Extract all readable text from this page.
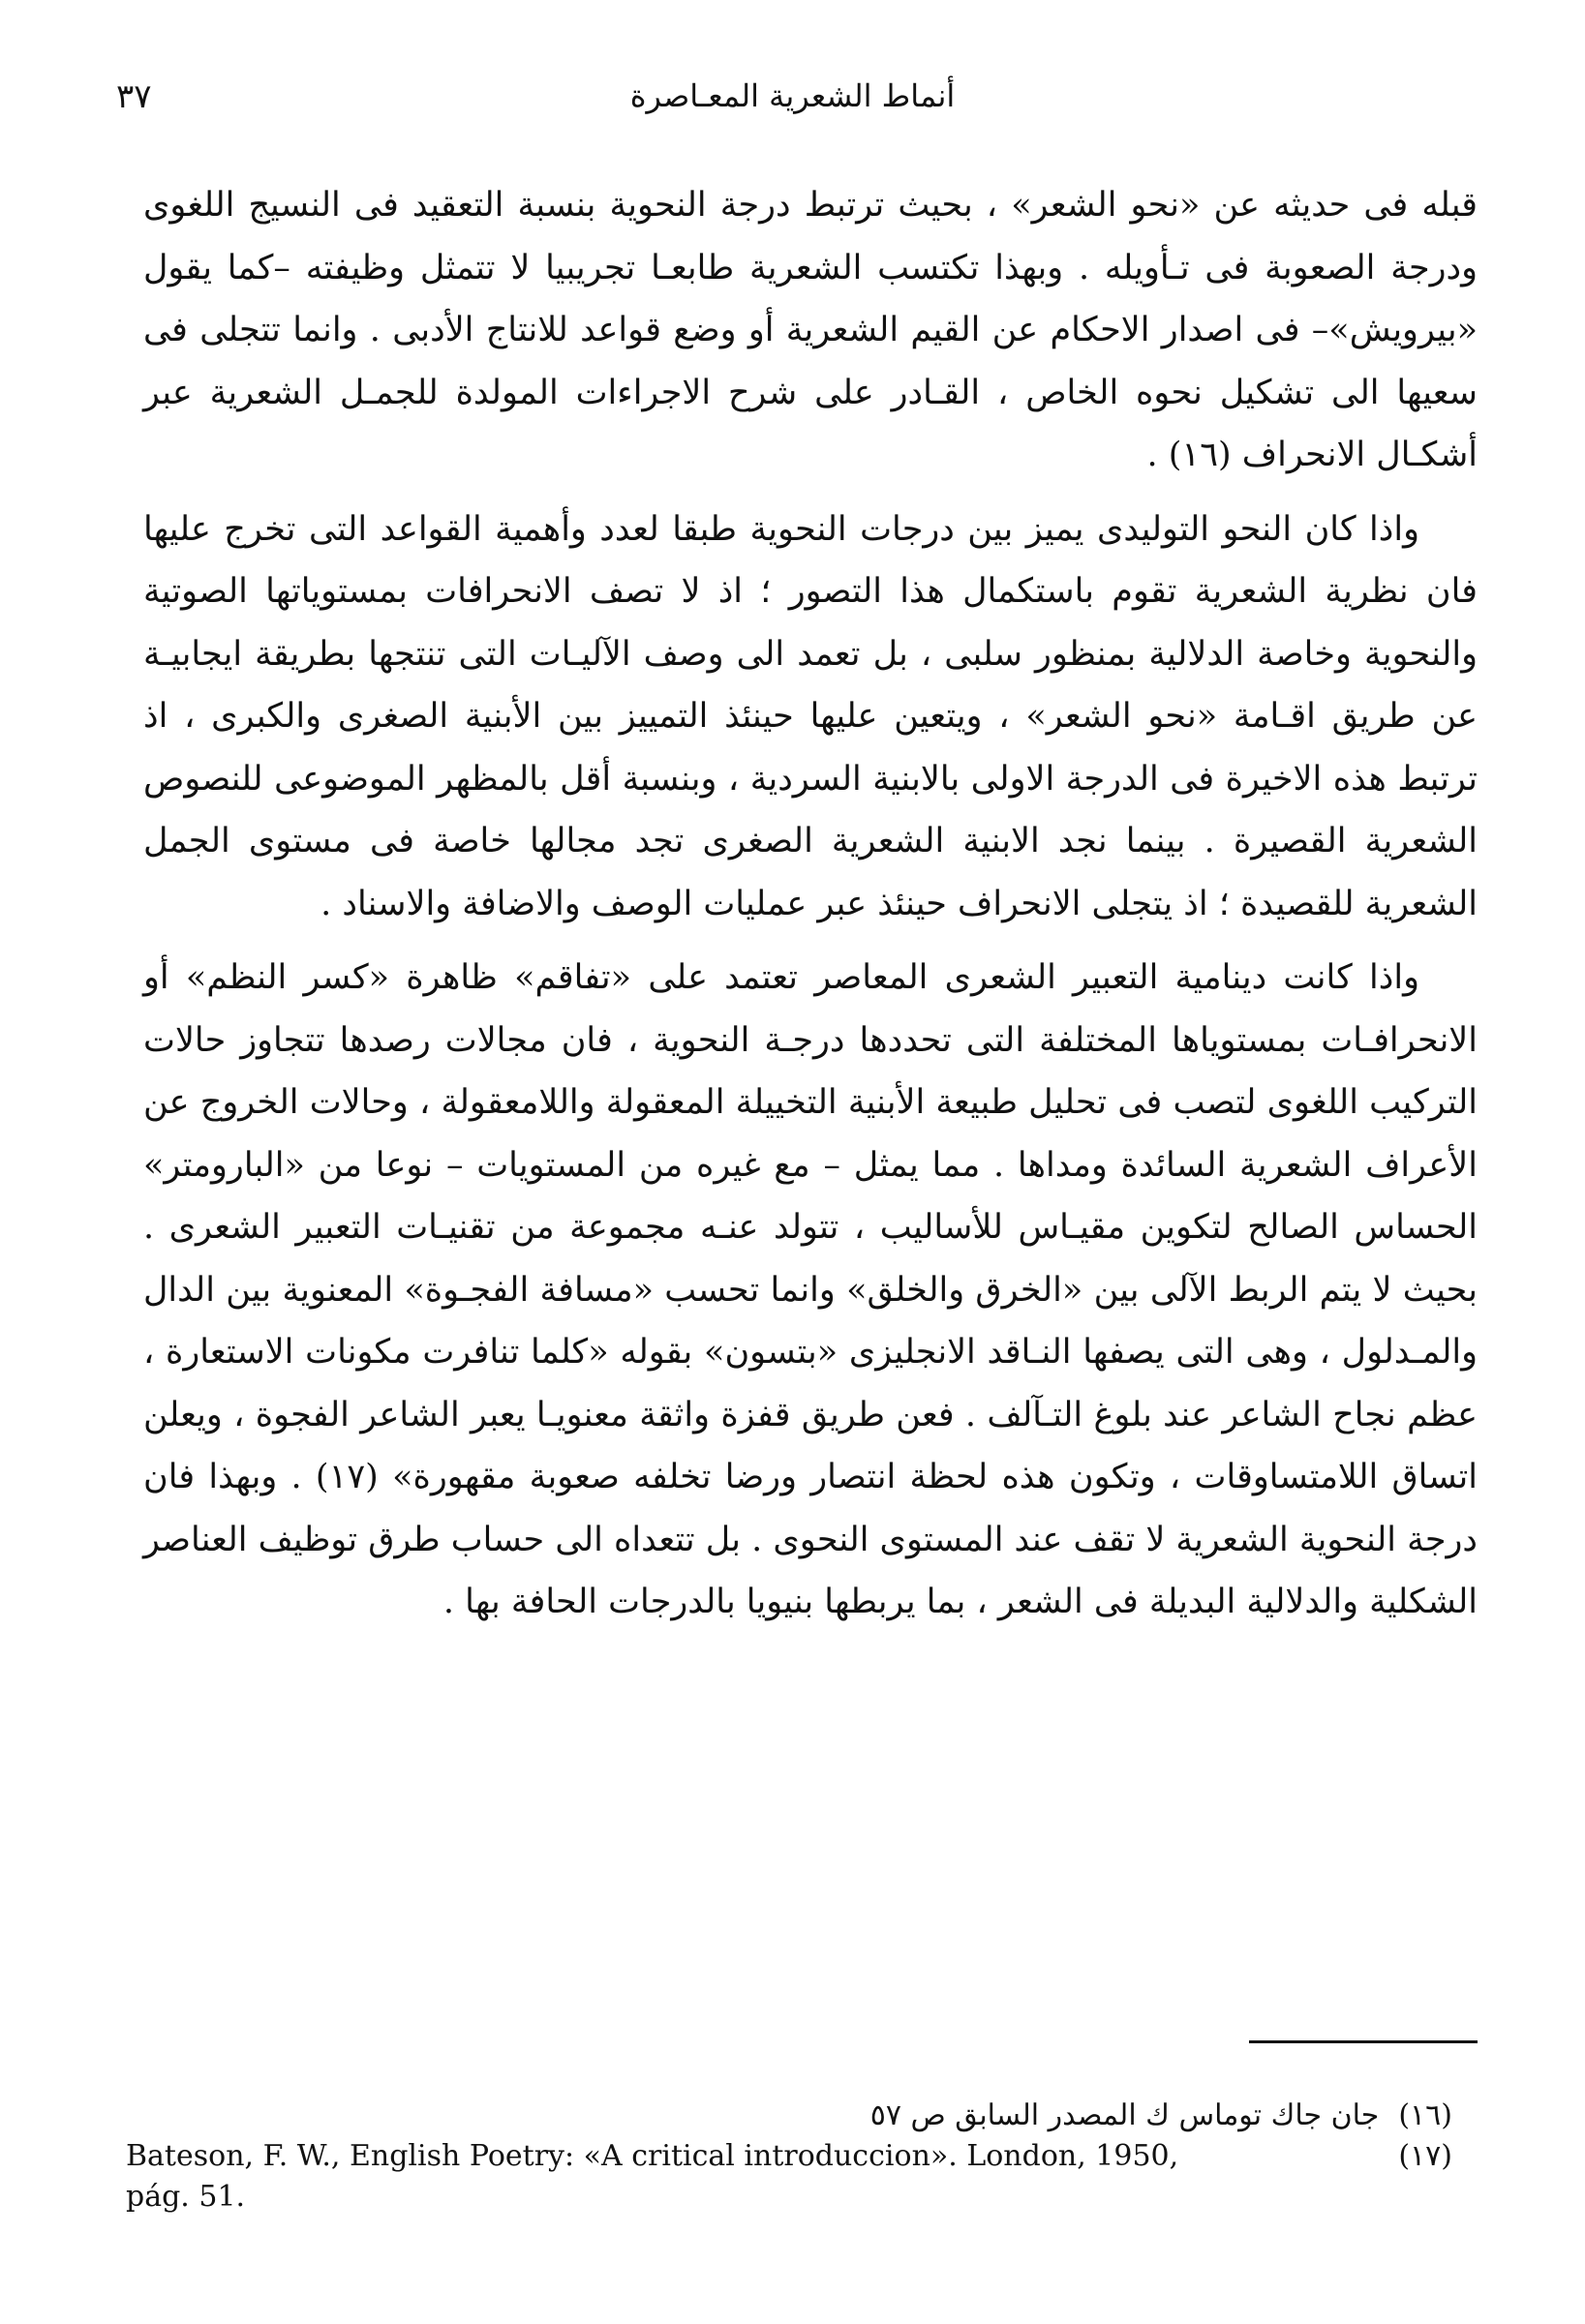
٣٧	أنماط الشعرية المعـاصرة

قبله فى حديثه عن «نحو الشعر» ، بحيث ترتبط درجة النحوية بنسبة التعقيد فى النسيج اللغوى ودرجة الصعوبة فى تـأويله . وبهذا تكتسب الشعرية طابعـا تجريبيا لا تتمثل وظيفته –كما يقول «بيرويش»– فى اصدار الاحكام عن القيم الشعرية أو وضع قواعد للانتاج الأدبى . وانما تتجلى فى سعيها الى تشكيل نحوه الخاص ، القـادر على شرح الاجراءات المولدة للجمـل الشعرية عبر أشكـال الانحراف (١٦) .

واذا كان النحو التوليدى يميز بين درجات النحوية طبقا لعدد وأهمية القواعد التى تخرج عليها فان نظرية الشعرية تقوم باستكمال هذا التصور ؛ اذ لا تصف الانحرافات بمستوياتها الصوتية والنحوية وخاصة الدلالية بمنظور سلبى ، بل تعمد الى وصف الآليـات التى تنتجها بطريقة ايجابيـة عن طريق اقـامة «نحو الشعر» ، ويتعين عليها حينئذ التمييز بين الأبنية الصغرى والكبرى ، اذ ترتبط هذه الاخيرة فى الدرجة الاولى بالابنية السردية ، وبنسبة أقل بالمظهر الموضوعى للنصوص الشعرية القصيرة . بينما نجد الابنية الشعرية الصغرى تجد مجالها خاصة فى مستوى الجمل الشعرية للقصيدة ؛ اذ يتجلى الانحراف حينئذ عبر عمليات الوصف والاضافة والاسناد .

واذا كانت دينامية التعبير الشعرى المعاصر تعتمد على «تفاقم» ظاهرة «كسر النظم» أو الانحرافـات بمستوياها المختلفة التى تحددها درجـة النحوية ، فان مجالات رصدها تتجاوز حالات التركيب اللغوى لتصب فى تحليل طبيعة الأبنية التخييلة المعقولة واللامعقولة ، وحالات الخروج عن الأعراف الشعرية السائدة ومداها . مما يمثل – مع غيره من المستويات – نوعا من «البارومتر» الحساس الصالح لتكوين مقيـاس للأساليب ، تتولد عنـه مجموعة من تقنيـات التعبير الشعرى . بحيث لا يتم الربط الآلى بين «الخرق والخلق» وانما تحسب «مسافة الفجـوة» المعنوية بين الدال والمـدلول ، وهى التى يصفها النـاقد الانجليزى «بتسون» بقوله «كلما تنافرت مكونات الاستعارة ، عظم نجاح الشاعر عند بلوغ التـآلف . فعن طريق قفزة واثقة معنويـا يعبر الشاعر الفجوة ، ويعلن اتساق اللامتساوقات ، وتكون هذه لحظة انتصار ورضا تخلفه صعوبة مقهورة» (١٧) . وبهذا فان درجة النحوية الشعرية لا تقف عند المستوى النحوى . بل تتعداه الى حساب طرق توظيف العناصر الشكلية والدلالية البديلة فى الشعر ، بما يربطها بنيويا بالدرجات الحافة بها .

(١٦)
جان جاك توماس ك المصدر السابق ص ٥٧
Bateson, F. W., English Poetry: «A critical introduccion». London, 1950,	(١٧)
pág. 51.
